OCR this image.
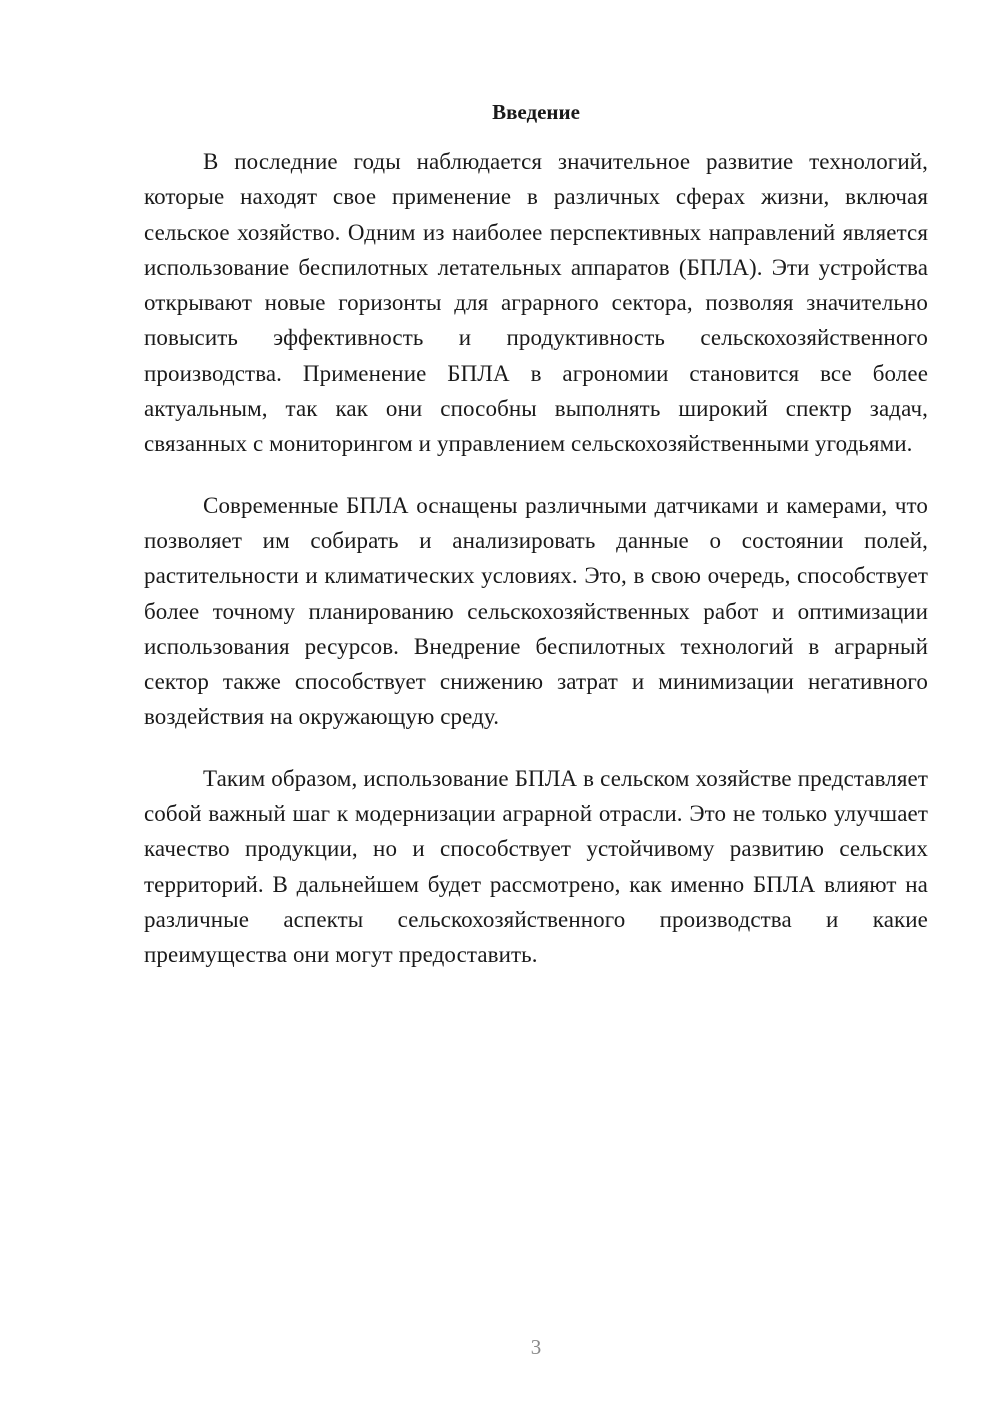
Введение

В последние годы наблюдается значительное развитие технологий, которые находят свое применение в различных сферах жизни, включая сельское хозяйство. Одним из наиболее перспективных направлений является использование беспилотных летательных аппаратов (БПЛА). Эти устройства открывают новые горизонты для аграрного сектора, позволяя значительно повысить эффективность и продуктивность сельскохозяйственного производства. Применение БПЛА в агрономии становится все более актуальным, так как они способны выполнять широкий спектр задач, связанных с мониторингом и управлением сельскохозяйственными угодьями.

Современные БПЛА оснащены различными датчиками и камерами, что позволяет им собирать и анализировать данные о состоянии полей, растительности и климатических условиях. Это, в свою очередь, способствует более точному планированию сельскохозяйственных работ и оптимизации использования ресурсов. Внедрение беспилотных технологий в аграрный сектор также способствует снижению затрат и минимизации негативного воздействия на окружающую среду.

Таким образом, использование БПЛА в сельском хозяйстве представляет собой важный шаг к модернизации аграрной отрасли. Это не только улучшает качество продукции, но и способствует устойчивому развитию сельских территорий. В дальнейшем будет рассмотрено, как именно БПЛА влияют на различные аспекты сельскохозяйственного производства и какие преимущества они могут предоставить.

3
